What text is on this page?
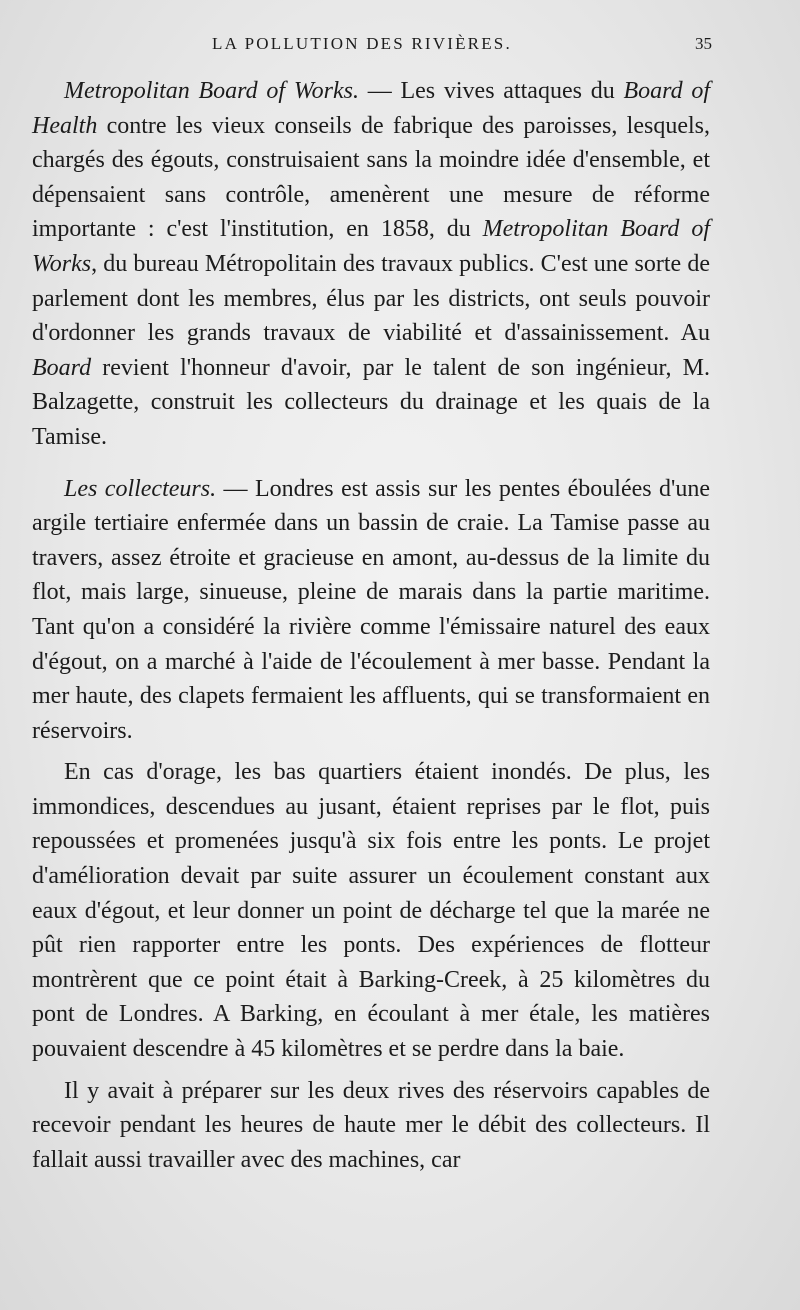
LA POLLUTION DES RIVIÈRES.	35

Metropolitan Board of Works. — Les vives attaques du Board of Health contre les vieux conseils de fabrique des paroisses, lesquels, chargés des égouts, construisaient sans la moindre idée d'ensemble, et dépensaient sans contrôle, amenèrent une mesure de réforme importante : c'est l'institution, en 1858, du Metropolitan Board of Works, du bureau Métropolitain des travaux publics. C'est une sorte de parlement dont les membres, élus par les districts, ont seuls pouvoir d'ordonner les grands travaux de viabilité et d'assainissement. Au Board revient l'honneur d'avoir, par le talent de son ingénieur, M. Balzagette, construit les collecteurs du drainage et les quais de la Tamise.

Les collecteurs. — Londres est assis sur les pentes éboulées d'une argile tertiaire enfermée dans un bassin de craie. La Tamise passe au travers, assez étroite et gracieuse en amont, au-dessus de la limite du flot, mais large, sinueuse, pleine de marais dans la partie maritime. Tant qu'on a considéré la rivière comme l'émissaire naturel des eaux d'égout, on a marché à l'aide de l'écoulement à mer basse. Pendant la mer haute, des clapets fermaient les affluents, qui se transformaient en réservoirs.

En cas d'orage, les bas quartiers étaient inondés. De plus, les immondices, descendues au jusant, étaient reprises par le flot, puis repoussées et promenées jusqu'à six fois entre les ponts. Le projet d'amélioration devait par suite assurer un écoulement constant aux eaux d'égout, et leur donner un point de décharge tel que la marée ne pût rien rapporter entre les ponts. Des expériences de flotteur montrèrent que ce point était à Barking-Creek, à 25 kilomètres du pont de Londres. A Barking, en écoulant à mer étale, les matières pouvaient descendre à 45 kilomètres et se perdre dans la baie.

Il y avait à préparer sur les deux rives des réservoirs capables de recevoir pendant les heures de haute mer le débit des collecteurs. Il fallait aussi travailler avec des machines, car
